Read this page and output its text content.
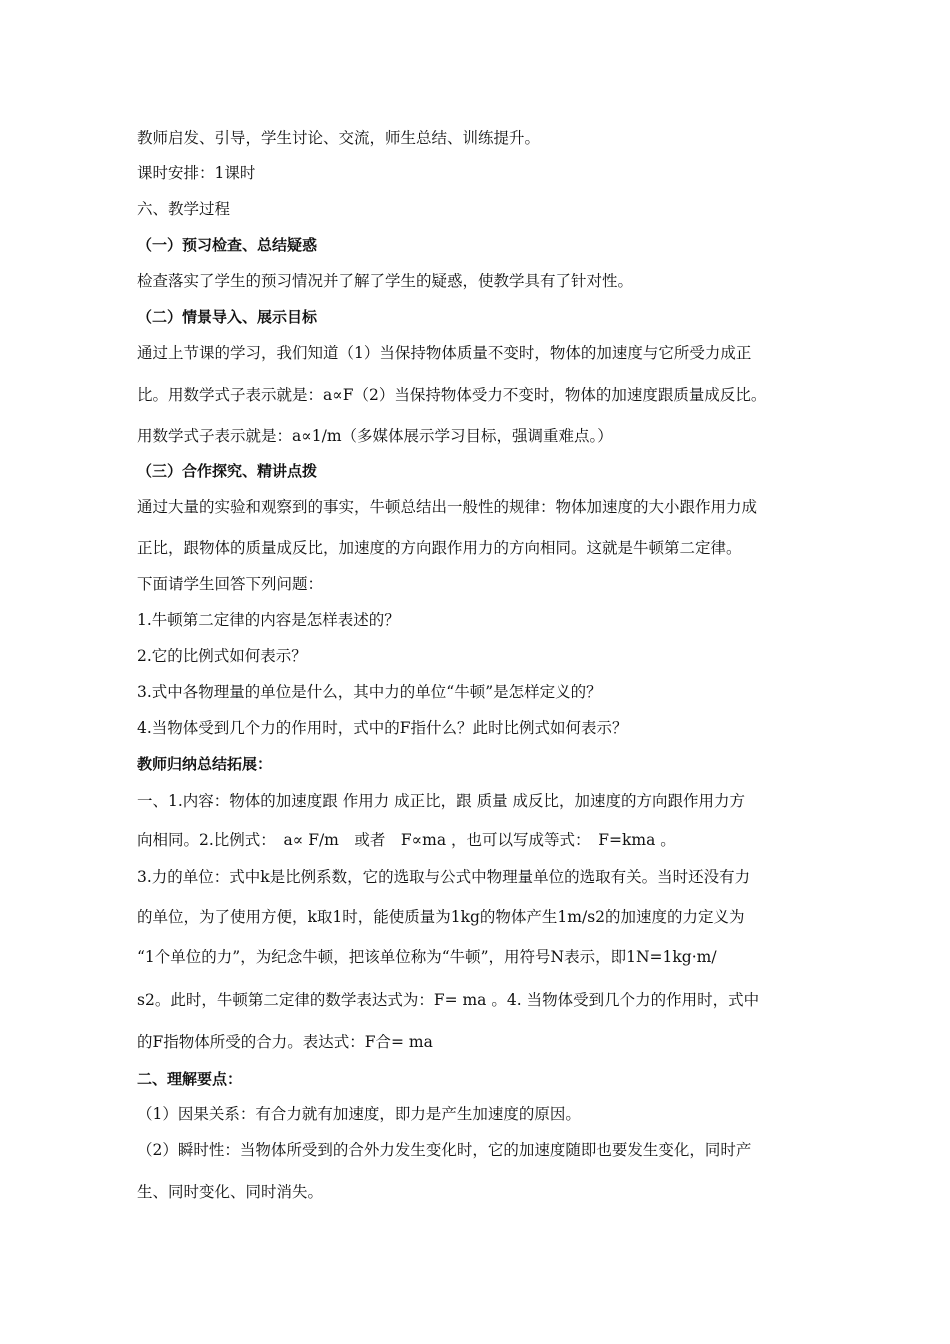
教师启发、引导，学生讨论、交流，师生总结、训练提升。
课时安排：1课时
六、教学过程
（一）预习检查、总结疑惑
检查落实了学生的预习情况并了解了学生的疑惑，使教学具有了针对性。
（二）情景导入、展示目标
通过上节课的学习，我们知道（1）当保持物体质量不变时，物体的加速度与它所受力成正
比。用数学式子表示就是：a∝F（2）当保持物体受力不变时，物体的加速度跟质量成反比。
用数学式子表示就是：a∝1/m（多媒体展示学习目标，强调重难点。）
（三）合作探究、精讲点拨
通过大量的实验和观察到的事实，牛顿总结出一般性的规律：物体加速度的大小跟作用力成
正比，跟物体的质量成反比，加速度的方向跟作用力的方向相同。这就是牛顿第二定律。
下面请学生回答下列问题：
1.牛顿第二定律的内容是怎样表述的？
2.它的比例式如何表示？
3.式中各物理量的单位是什么，其中力的单位“牛顿”是怎样定义的？
4.当物体受到几个力的作用时，式中的F指什么？此时比例式如何表示？
教师归纳总结拓展：
一、1.内容：物体的加速度跟 作用力 成正比，跟 质量 成反比，加速度的方向跟作用力方
向相同。2.比例式：　a∝ F/m　或者　F∝ma ，也可以写成等式：　F=kma 。
3.力的单位：式中k是比例系数，它的选取与公式中物理量单位的选取有关。当时还没有力
的单位，为了使用方便，k取1时，能使质量为1kg的物体产生1m/s2的加速度的力定义为
“1个单位的力”，为纪念牛顿，把该单位称为“牛顿”，用符号N表示，即1N=1kg·m/
s2。此时，牛顿第二定律的数学表达式为：F= ma 。4. 当物体受到几个力的作用时，式中
的F指物体所受的合力。表达式：F合= ma
二、理解要点：
（1）因果关系：有合力就有加速度，即力是产生加速度的原因。
（2）瞬时性：当物体所受到的合外力发生变化时，它的加速度随即也要发生变化，同时产
生、同时变化、同时消失。
